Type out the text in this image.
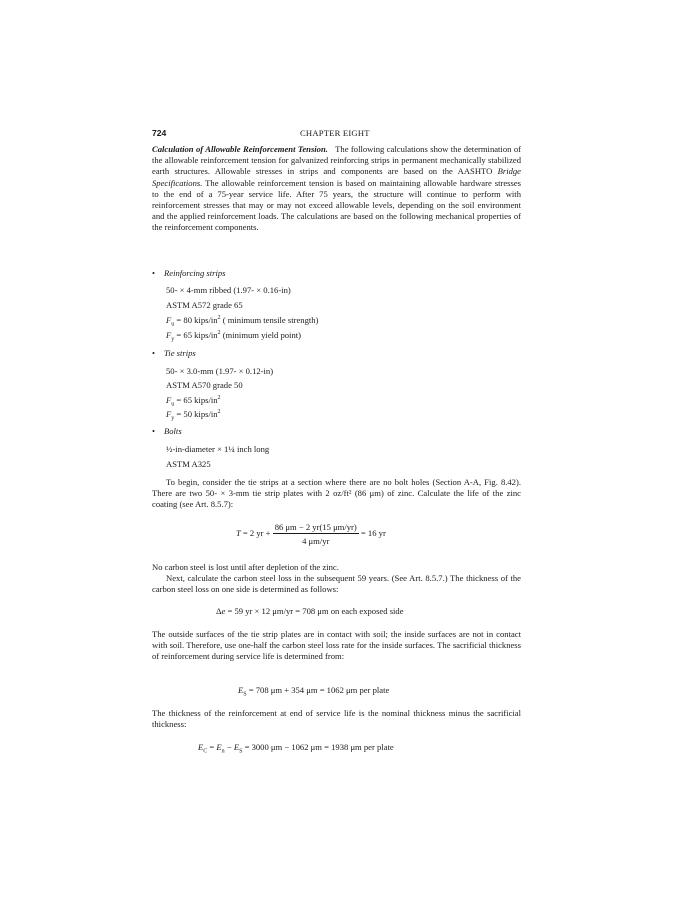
724	CHAPTER EIGHT

Calculation of Allowable Reinforcement Tension. The following calculations show the determination of the allowable reinforcement tension for galvanized reinforcing strips in permanent mechanically stabilized earth structures. Allowable stresses in strips and components are based on the AASHTO Bridge Specifications. The allowable reinforcement tension is based on maintaining allowable hardware stresses to the end of a 75-year service life. After 75 years, the structure will continue to perform with reinforcement stresses that may or may not exceed allowable levels, depending on the soil environment and the applied reinforcement loads. The calculations are based on the following mechanical properties of the reinforcement components.

• Reinforcing strips
50- × 4-mm ribbed (1.97- × 0.16-in)
ASTM A572 grade 65
$F_u = 80$ kips/$in^2$ ( minimum tensile strength)
$F_y = 65$ kips/$in^2$ (minimum yield point)
• Tie strips
50- × 3.0-mm (1.97- × 0.12-in)
ASTM A570 grade 50
$F_u = 65$ kips/$in^2$
$F_y = 50$ kips/$in^2$
• Bolts
½-in-diameter × 1¼ inch long
ASTM A325

To begin, consider the tie strips at a section where there are no bolt holes (Section A-A, Fig. 8.42). There are two 50- × 3-mm tie strip plates with 2 oz/ft² (86 μm) of zinc. Calculate the life of the zinc coating (see Art. 8.5.7):

T = 2 yr + $\frac{86 \mu m - 2 yr(15 \mu m/yr)}{4 \mu m/yr} = 16$ yr

No carbon steel is lost until after depletion of the zinc.

Next, calculate the carbon steel loss in the subsequent 59 years. (See Art. 8.5.7.) The thickness of the carbon steel loss on one side is determined as follows:

Δe = 59 yr × 12 μm/yr = 708 μm on each exposed side

The outside surfaces of the tie strip plates are in contact with soil; the inside surfaces are not in contact with soil. Therefore, use one-half the carbon steel loss rate for the inside surfaces. The sacrificial thickness of reinforcement during service life is determined from:

$E_S = 708$ μm + 354 μm = 1062 μm per plate

The thickness of the reinforcement at end of service life is the nominal thickness minus the sacrificial thickness:

$E_C = E_n - E_S = 3000$ μm − 1062 μm = 1938 μm per plate
